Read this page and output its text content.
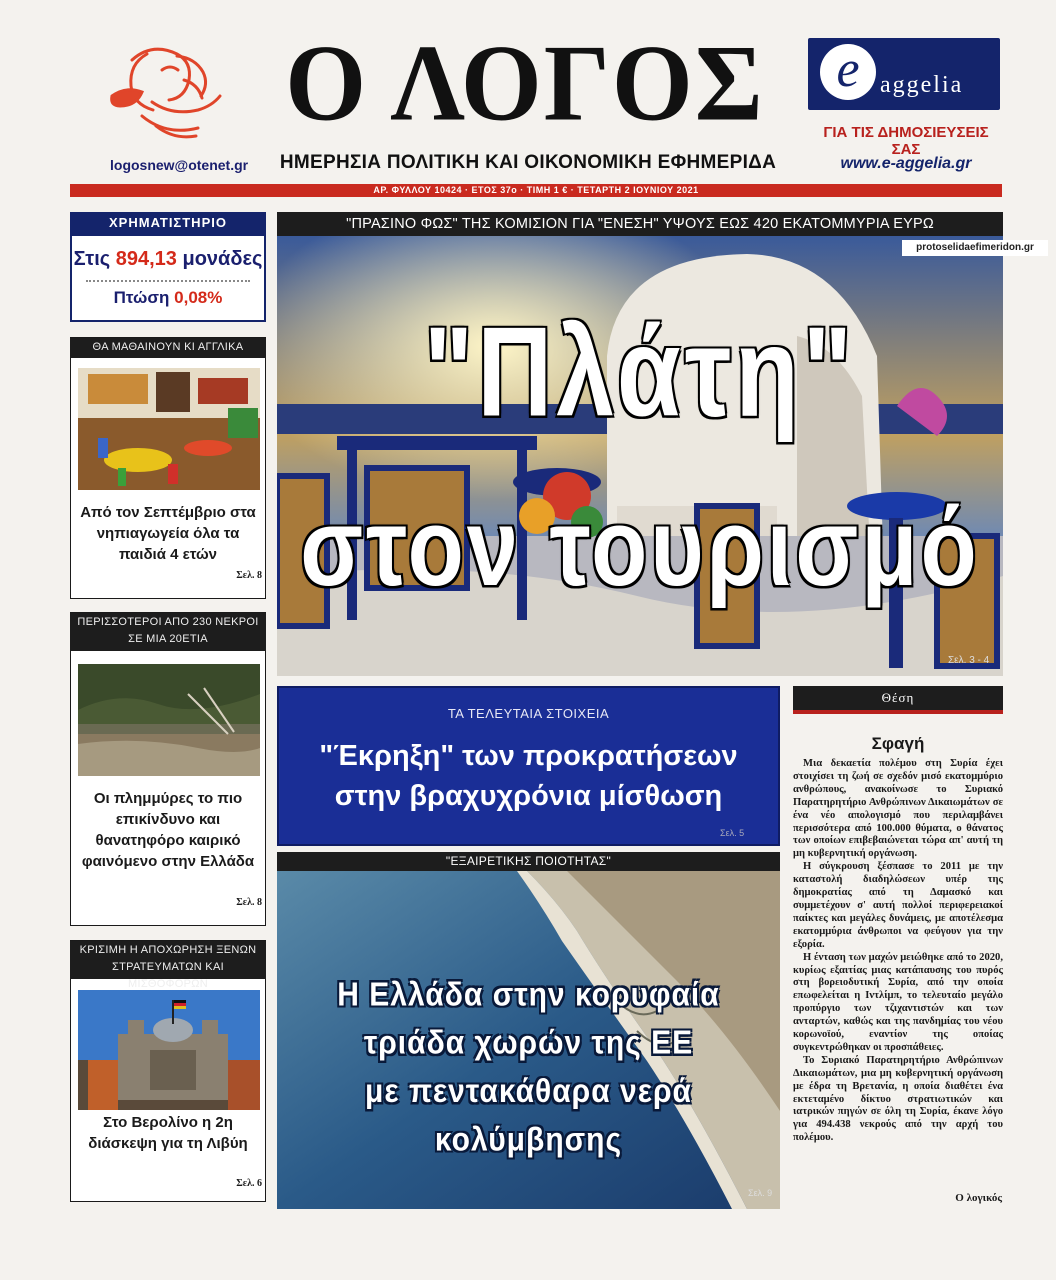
logosnew@otenet.gr
Ο ΛΟΓΟΣ
ΗΜΕΡΗΣΙΑ ΠΟΛΙΤΙΚΗ ΚΑΙ ΟΙΚΟΝΟΜΙΚΗ ΕΦΗΜΕΡΙΔΑ
e aggelia
ΓΙΑ ΤΙΣ ΔΗΜΟΣΙΕΥΣΕΙΣ ΣΑΣ
www.e-aggelia.gr
ΑΡ. ΦΥΛΛΟΥ 10424 · ΕΤΟΣ 37ο · ΤΙΜΗ 1 € · ΤΕΤΑΡΤΗ 2 ΙΟΥΝΙΟΥ 2021
ΧΡΗΜΑΤΙΣΤΗΡΙΟ
Στις 894,13 μονάδες
Πτώση 0,08%
ΘΑ ΜΑΘΑΙΝΟΥΝ ΚΙ ΑΓΓΛΙΚΑ
Από τον Σεπτέμβριο στα νηπιαγωγεία όλα τα παιδιά 4 ετών
Σελ. 8
ΠΕΡΙΣΣΟΤΕΡΟΙ ΑΠΟ 230 ΝΕΚΡΟΙ ΣΕ ΜΙΑ 20ΕΤΙΑ
Οι πλημμύρες το πιο επικίνδυνο και θανατηφόρο καιρικό φαινόμενο στην Ελλάδα
Σελ. 8
ΚΡΙΣΙΜΗ Η ΑΠΟΧΩΡΗΣΗ ΞΕΝΩΝ ΣΤΡΑΤΕΥΜΑΤΩΝ ΚΑΙ ΜΙΣΘΟΦΟΡΩΝ
Στο Βερολίνο η 2η διάσκεψη για τη Λιβύη
Σελ. 6
"ΠΡΑΣΙΝΟ ΦΩΣ" ΤΗΣ ΚΟΜΙΣΙΟΝ ΓΙΑ "ΕΝΕΣΗ" ΥΨΟΥΣ ΕΩΣ 420 ΕΚΑΤΟΜΜΥΡΙΑ ΕΥΡΩ
protoselidaefimeridon.gr
"Πλάτη"
στον τουρισμό
Σελ. 3 - 4
ΤΑ ΤΕΛΕΥΤΑΙΑ ΣΤΟΙΧΕΙΑ
"Έκρηξη" των προκρατήσεων
στην βραχυχρόνια μίσθωση
Σελ. 5
"ΕΞΑΙΡΕΤΙΚΗΣ ΠΟΙΟΤΗΤΑΣ"
Η Ελλάδα στην κορυφαία
τριάδα χωρών της ΕΕ
με πεντακάθαρα νερά κολύμβησης
Σελ. 9
Θέση
Σφαγή

Μια δεκαετία πολέμου στη Συρία έχει στοιχίσει τη ζωή σε σχεδόν μισό εκατομμύριο ανθρώπους, ανακοίνωσε το Συριακό Παρατηρητήριο Ανθρώπινων Δικαιωμάτων σε ένα νέο απολογισμό που περιλαμβάνει περισσότερα από 100.000 θύματα, ο θάνατος των οποίων επιβεβαιώνεται τώρα απ' αυτή τη μη κυβερνητική οργάνωση.

Η σύγκρουση ξέσπασε το 2011 με την καταστολή διαδηλώσεων υπέρ της δημοκρατίας από τη Δαμασκό και συμμετέχουν σ' αυτή πολλοί περιφερειακοί παίκτες και μεγάλες δυνάμεις, με αποτέλεσμα εκατομμύρια άνθρωποι να φεύγουν για την εξορία.

Η ένταση των μαχών μειώθηκε από το 2020, κυρίως εξαιτίας μιας κατάπαυσης του πυρός στη βορειοδυτική Συρία, από την οποία επωφελείται η Ιντλίμπ, το τελευταίο μεγάλο προπύργιο των τζιχαντιστών και των ανταρτών, καθώς και της πανδημίας του νέου κορωνοϊού, εναντίον της οποίας συγκεντρώθηκαν οι προσπάθειες.

Το Συριακό Παρατηρητήριο Ανθρώπινων Δικαιωμάτων, μια μη κυβερνητική οργάνωση με έδρα τη Βρετανία, η οποία διαθέτει ένα εκτεταμένο δίκτυο στρατιωτικών και ιατρικών πηγών σε όλη τη Συρία, έκανε λόγο για 494.438 νεκρούς από την αρχή του πολέμου.

Ο λογικός
